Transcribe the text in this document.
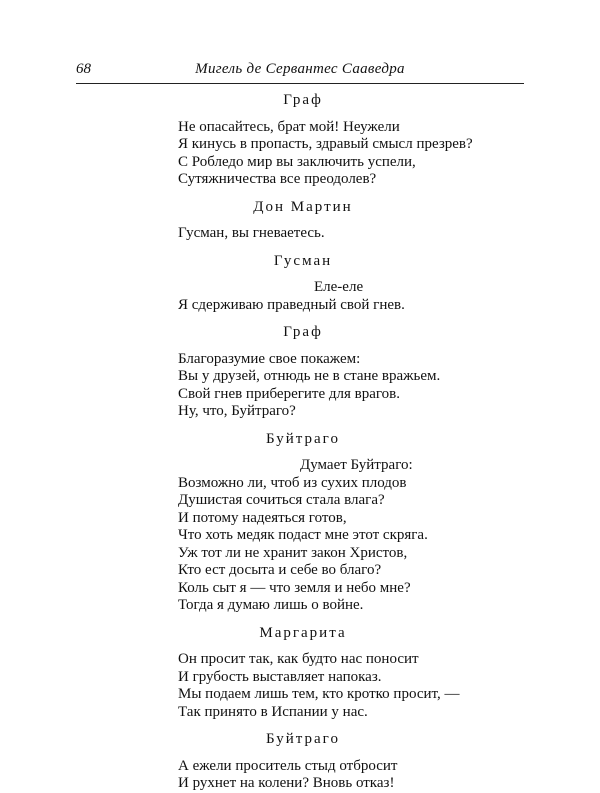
68	Мигель де Сервантес Сааведра
Граф
Не опасайтесь, брат мой! Неужели
Я кинусь в пропасть, здравый смысл презрев?
С Робледо мир вы заключить успели,
Сутяжничества все преодолев?
Дон Мартин
Гусман, вы гневаетесь.
Гусман
Еле-еле
Я сдерживаю праведный свой гнев.
Граф
Благоразумие свое покажем:
Вы у друзей, отнюдь не в стане вражьем.
Свой гнев приберегите для врагов.
Ну, что, Буйтраго?
Буйтраго
Думает Буйтраго:
Возможно ли, чтоб из сухих плодов
Душистая сочиться стала влага?
И потому надеяться готов,
Что хоть медяк подаст мне этот скряга.
Уж тот ли не хранит закон Христов,
Кто ест досыта и себе во благо?
Коль сыт я — что земля и небо мне?
Тогда я думаю лишь о войне.
Маргарита
Он просит так, как будто нас поносит
И грубость выставляет напоказ.
Мы подаем лишь тем, кто кротко просит, —
Так принято в Испании у нас.
Буйтраго
А ежели проситель стыд отбросит
И рухнет на колени? Вновь отказ!
